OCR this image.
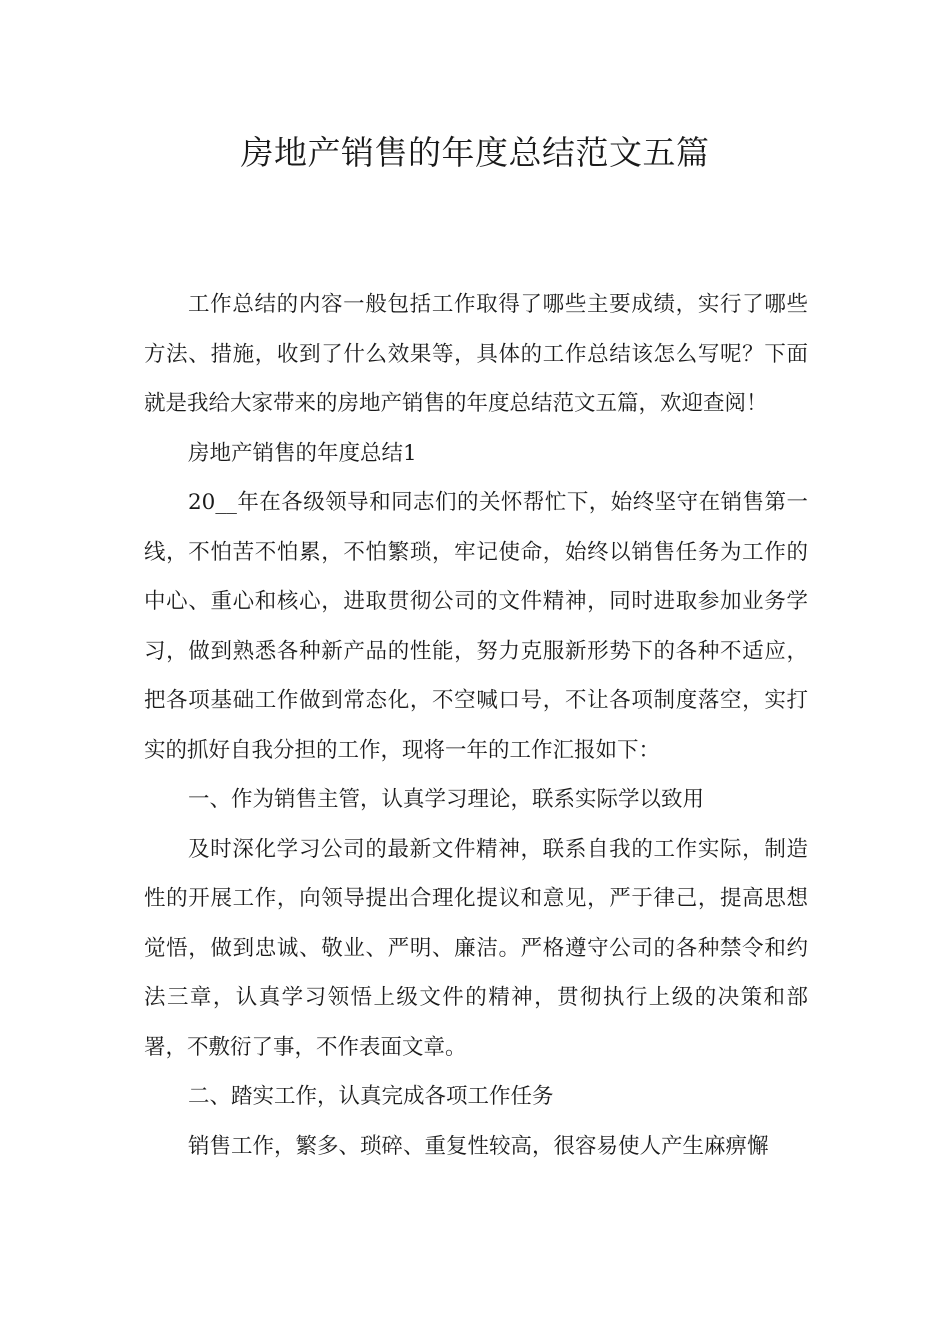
房地产销售的年度总结范文五篇

工作总结的内容一般包括工作取得了哪些主要成绩，实行了哪些方法、措施，收到了什么效果等，具体的工作总结该怎么写呢？下面就是我给大家带来的房地产销售的年度总结范文五篇，欢迎查阅！

房地产销售的年度总结1

20__年在各级领导和同志们的关怀帮忙下，始终坚守在销售第一线，不怕苦不怕累，不怕繁琐，牢记使命，始终以销售任务为工作的中心、重心和核心，进取贯彻公司的文件精神，同时进取参加业务学习，做到熟悉各种新产品的性能，努力克服新形势下的各种不适应，把各项基础工作做到常态化，不空喊口号，不让各项制度落空，实打实的抓好自我分担的工作，现将一年的工作汇报如下：

一、作为销售主管，认真学习理论，联系实际学以致用

及时深化学习公司的最新文件精神，联系自我的工作实际，制造性的开展工作，向领导提出合理化提议和意见，严于律己，提高思想觉悟，做到忠诚、敬业、严明、廉洁。严格遵守公司的各种禁令和约法三章，认真学习领悟上级文件的精神，贯彻执行上级的决策和部署，不敷衍了事，不作表面文章。

二、踏实工作，认真完成各项工作任务

销售工作，繁多、琐碎、重复性较高，很容易使人产生麻痹懈
